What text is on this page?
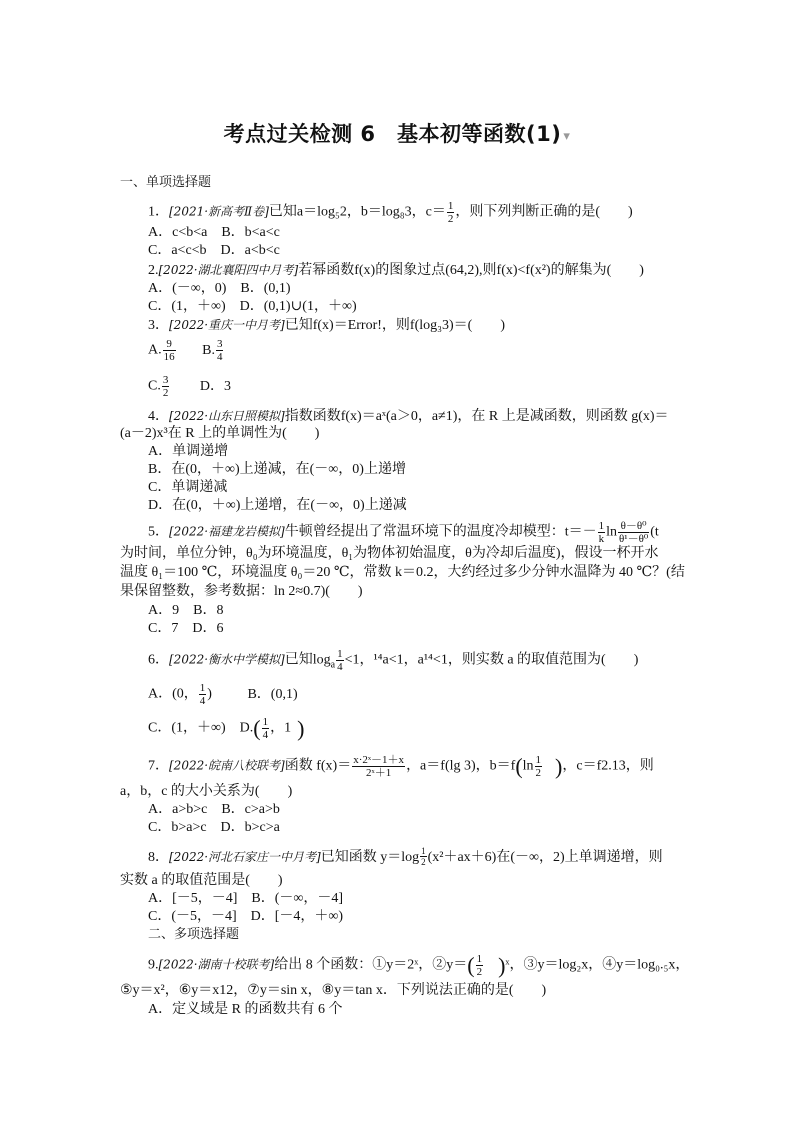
考点过关检测 6　基本初等函数(1) ▾
一、单项选择题
1．[2021·新高考Ⅱ卷]已知a＝log₅2，b＝log₈3，$c= \frac{1}{2}$ ，则下列判断正确的是(　　)
A．c<b<a　B．b<a<c
C．a<c<b　D．a<b<c
2.[2022·湖北襄阳四中月考]若幂函数f(x)的图象过点(64,2),则f(x)<f(x²)的解集为(　　)
A．(－∞，0)　B．(0,1)
C．(1，＋∞)　D．(0,1)∪(1，＋∞)
3．[2022·重庆一中月考]已知f(x)＝Error!，则f(log₃3)＝(　　)
A. $\frac{9}{16} B$. $\frac{3}{4}$
C. $\frac{3}{2}$ D．3
4．[2022·山东日照模拟]指数函数f(x)＝aˣ(a＞0，a≠1)，在 R 上是减函数，则函数 g(x)＝
(a－2)x³在 R 上的单调性为(　　)
A．单调递增
B．在(0，＋∞)上递减，在(－∞，0)上递增
C．单调递减
D．在(0，＋∞)上递增，在(－∞，0)上递减
5．[2022·福建龙岩模拟]牛顿曾经提出了常温环境下的温度冷却模型：$t=- \frac{1}{k}$ $\ln \frac{\text{θ－θ⁰}}{\text{θ¹－θ⁰}} (t$
为时间，单位分钟，θ₀为环境温度，θ₁为物体初始温度，θ为冷却后温度)，假设一杯开水
温度 θ₁＝100 ℃，环境温度 θ₀＝20 ℃，常数 k＝0.2，大约经过多少分钟水温降为 40 ℃？(结
果保留整数，参考数据：ln 2≈0.7)(　　)
A．9　B．8
C．7　D．6
6．[2022·衡水中学模拟]已知$\log_a \frac{1}{4} <1$，¹⁴a<1，a¹⁴<1，则实数 a 的取值范围为(　　)
A．(0， $\frac{1}{4}$ )	B．(0,1)
C．(1，＋∞)　$D.( \frac{1}{4}$ ，1 )
7．[2022·皖南八校联考]函数 $f(x)= \frac{\text{x·2ˣ－1＋x}}{\text{2ˣ＋1}}$ ，a＝f(lg 3)，$b=f(\ln \frac{1}{2}$ )，c＝f2.13，则
a，b，c 的大小关系为(　　)
A．a>b>c　B．c>a>b
C．b>a>c　D．b>c>a
8．[2022·河北石家庄一中月考]已知函数 $y=\log \frac{1}{2} (x^2+ax+6)$在(－∞，2)上单调递增，则
实数 a 的取值范围是(　　)
A．[－5，－4]　B．(－∞，－4]
C．(－5，－4]　D．[－4，＋∞)
二、多项选择题
9.[2022·湖南十校联考]给出 8 个函数：①y＝2ˣ，②y＝( $\frac{1}{2}$ )ˣ，③y＝log₂x，④y＝log₀.₅x，
⑤y＝x²，⑥y＝x12，⑦y＝sin x，⑧y＝tan x．下列说法正确的是(　　)
A．定义域是 R 的函数共有 6 个
